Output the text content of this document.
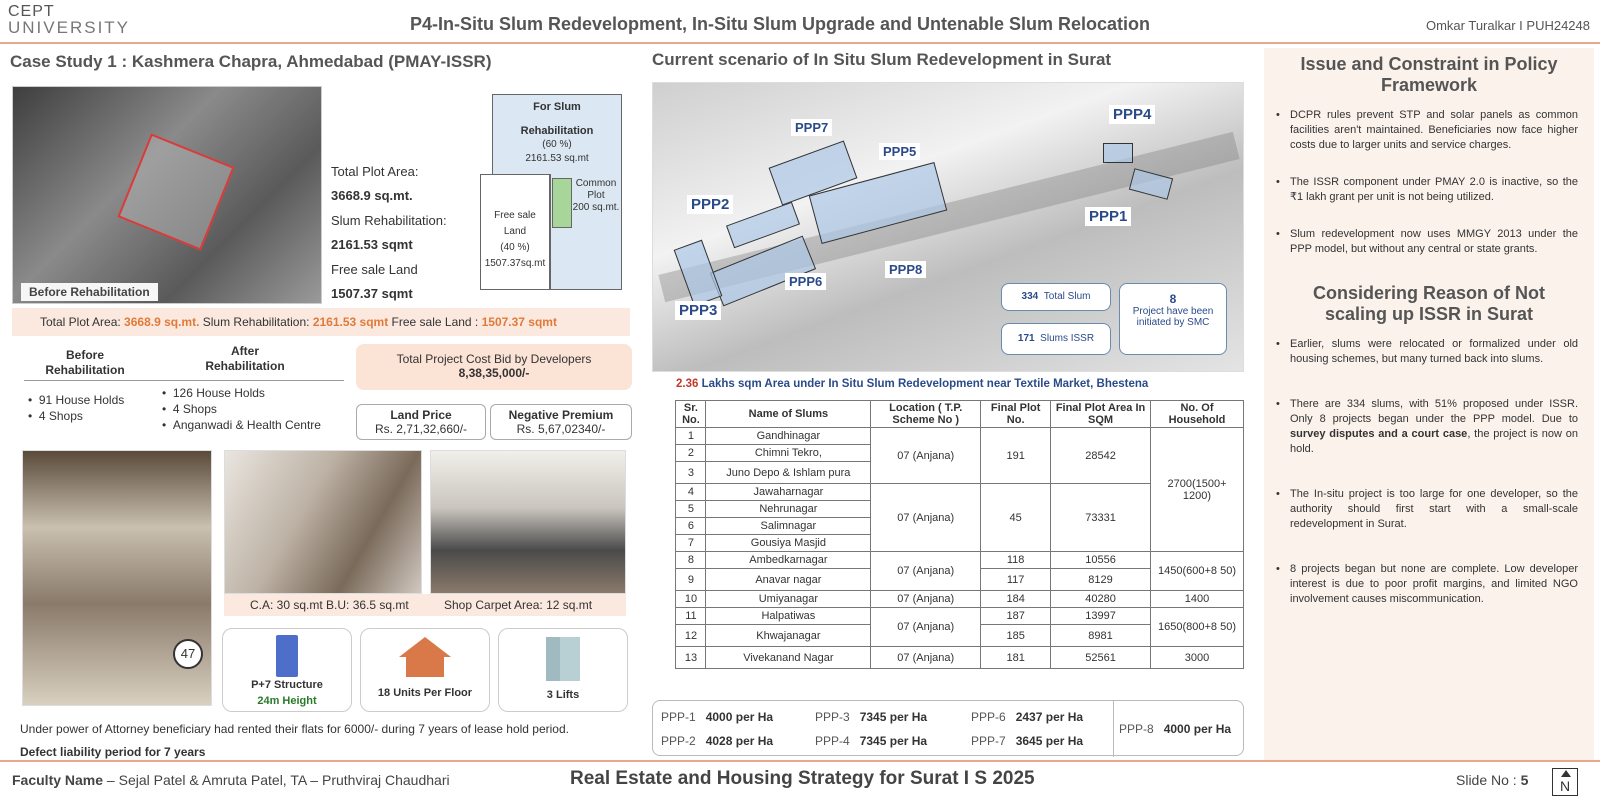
CEPT
UNIVERSITY	P4-In-Situ Slum Redevelopment, In-Situ Slum Upgrade and Untenable Slum Relocation	Omkar Turalkar I PUH24248
Case Study 1 : Kashmera Chapra, Ahmedabad (PMAY-ISSR)
Before Rehabilitation
Total Plot Area:
3668.9 sq.mt.
Slum Rehabilitation:
2161.53 sqmt
Free sale Land
1507.37 sqmt
For Slum
Rehabilitation
(60 %)
2161.53 sq.mt
Common
Plot
200 sq.mt.
Free sale
Land
(40 %)
1507.37sq.mt
Total Plot Area: 3668.9 sq.mt. Slum Rehabilitation: 2161.53 sqmt Free sale Land : 1507.37 sqmt
Before Rehabilitation
After Rehabilitation
•  91 House Holds
•  4 Shops
•  126 House Holds
•  4 Shops
•  Anganwadi & Health Centre
Total Project Cost Bid by Developers
8,38,35,000/-
Land Price
Rs. 2,71,32,660/-
Negative Premium
Rs. 5,67,02340/-
47
C.A: 30 sq.mt B.U: 36.5 sq.mt	Shop Carpet Area: 12 sq.mt
P+7 Structure
24m Height
18 Units Per Floor	3 Lifts
Under power of Attorney beneficiary had rented their flats for 6000/- during 7 years of lease hold period.
Defect liability period for 7 years
Current scenario of In Situ Slum Redevelopment in Surat
PPP7
PPP5
PPP4
PPP2
PPP1
PPP6
PPP8
PPP3
334 Total Slum
171 Slums ISSR
8
Project have been initiated by SMC
2.36 Lakhs sqm Area under In Situ Slum Redevelopment near Textile Market, Bhestena
	Sr. No.	Name of Slums	Location ( T.P. Scheme No )	Final Plot No.	Final Plot Area In SQM	No. Of Household
	1	Gandhinagar	07 (Anjana)	191	28542	2700(1500+ 1200)
	2	Chimni Tekro,				
	3	Juno Depo & Ishlam pura				
	4	Jawaharnagar	07 (Anjana)	45	73331	
	5	Nehrunagar				
	6	Salimnagar				
	7	Gousiya Masjid				
	8	Ambedkarnagar	07 (Anjana)	118	10556	1450(600+8 50)
	9	Anavar nagar		117	8129	
	10	Umiyanagar	07 (Anjana)	184	40280	1400
	11	Halpatiwas	07 (Anjana)	187	13997	1650(800+8 50)
	12	Khwajanagar		185	8981	
	13	Vivekanand Nagar	07 (Anjana)	181	52561	3000
PPP-1 4000 per Ha
PPP-2 4028 per Ha
PPP-3 7345 per Ha
PPP-4 7345 per Ha
PPP-6 2437 per Ha
PPP-7 3645 per Ha
PPP-8 4000 per Ha
Issue and Constraint in Policy Framework
• DCPR rules prevent STP and solar panels as common facilities aren't maintained. Beneficiaries now face higher costs due to larger units and service charges.
• The ISSR component under PMAY 2.0 is inactive, so the ₹1 lakh grant per unit is not being utilized.
• Slum redevelopment now uses MMGY 2013 under the PPP model, but without any central or state grants.
Considering Reason of Not scaling up ISSR in Surat
• Earlier, slums were relocated or formalized under old housing schemes, but many turned back into slums.
• There are 334 slums, with 51% proposed under ISSR. Only 8 projects began under the PPP model. Due to survey disputes and a court case, the project is now on hold.
• The In-situ project is too large for one developer, so the authority should first start with a small-scale redevelopment in Surat.
• 8 projects began but none are complete. Low developer interest is due to poor profit margins, and limited NGO involvement causes miscommunication.
Faculty Name – Sejal Patel & Amruta Patel, TA – Pruthviraj Chaudhari	Real Estate and Housing Strategy for Surat I S 2025	Slide No : 5	N
